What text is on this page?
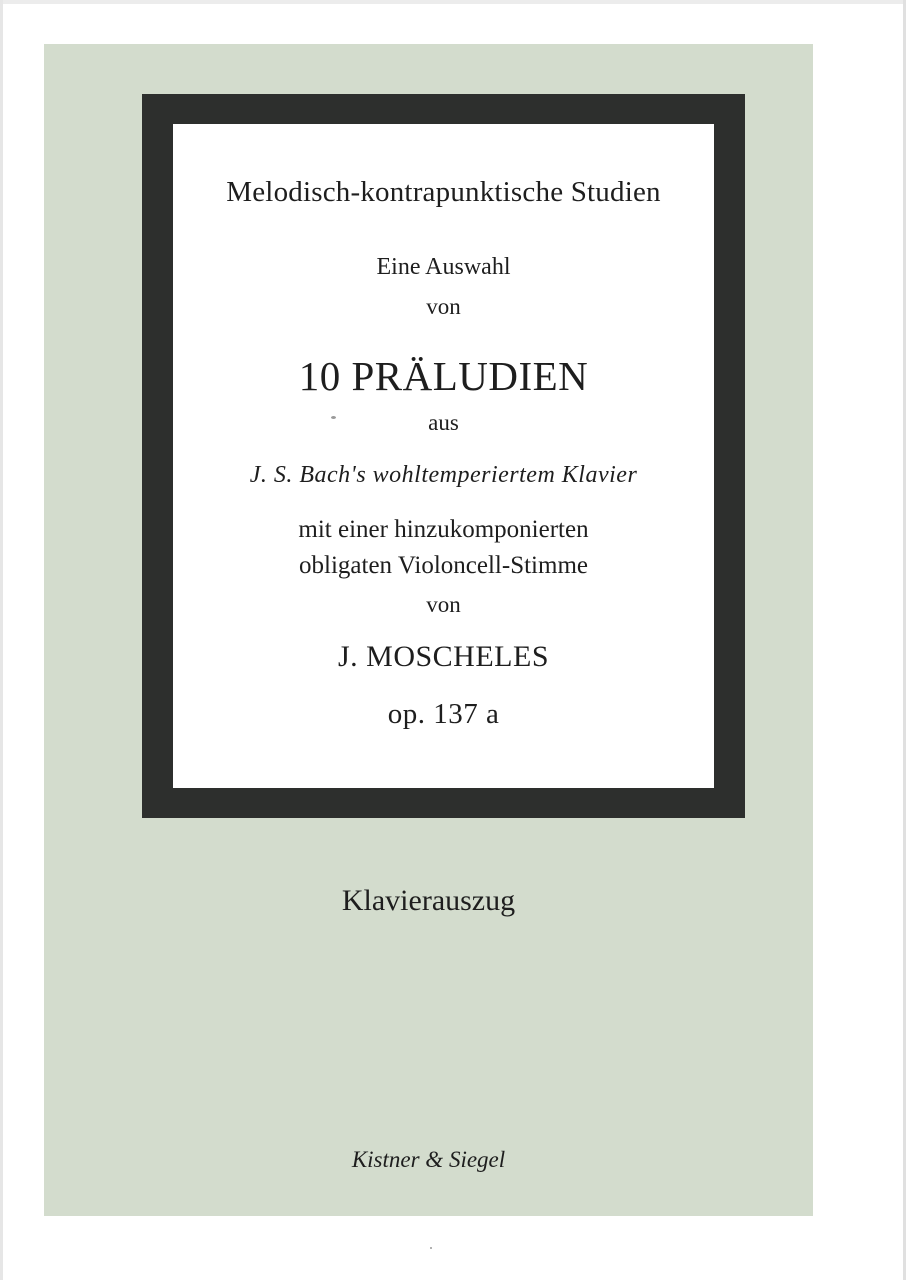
Melodisch-kontrapunktische Studien
Eine Auswahl
von
10 PRÄLUDIEN
aus
J. S. Bach's wohltemperiertem Klavier
mit einer hinzukomponierten
obligaten Violoncell-Stimme
von
J. MOSCHELES
op. 137 a
Klavierauszug
Kistner & Siegel
